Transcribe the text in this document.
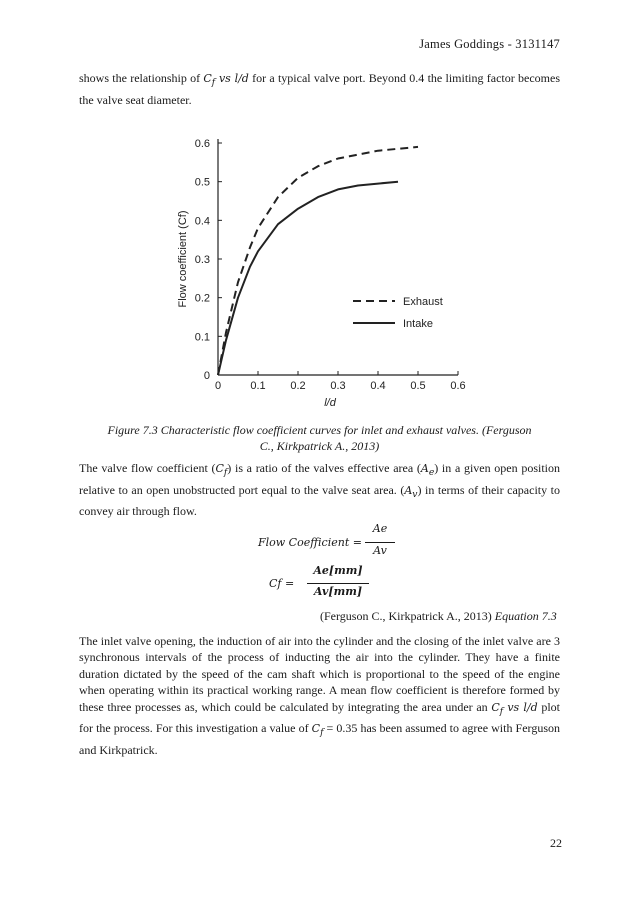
James Goddings - 3131147
shows the relationship of $C_f$ vs l/d for a typical valve port. Beyond 0.4 the limiting factor becomes the valve seat diameter.
0	0.1 0.2 0.3 0.4 0.5 0.6
0
0.1
0.2
0.3
0.4
0.5
0.6
l/d
Flow coefficient (Cf)	Exhaust
Intake
Figure 7.3 Characteristic flow coefficient curves for inlet and exhaust valves. (Ferguson
C., Kirkpatrick A., 2013)
The valve flow coefficient $(C_f)$ is a ratio of the valves effective area $(A_e)$ in a given open position relative to an open unobstructed port equal to the valve seat area. $(A_v)$ in terms of their capacity to convey air through flow.
Flow Coefficient =
Ae
Av
Cf =
Ae[mm]
Av[mm]
(Ferguson C., Kirkpatrick A., 2013) Equation 7.3
The inlet valve opening, the induction of air into the cylinder and the closing of the inlet valve are 3 synchronous intervals of the process of inducting the air into the cylinder. They have a finite duration dictated by the speed of the cam shaft which is proportional to the speed of the engine when operating within its practical working range. A mean flow coefficient is therefore formed by these three processes as, which could be calculated by integrating the area under an $C_f$ vs l/d plot for the process. For this investigation a value of $C_f = 0.35$ has been assumed to agree with Ferguson and Kirkpatrick.
22
